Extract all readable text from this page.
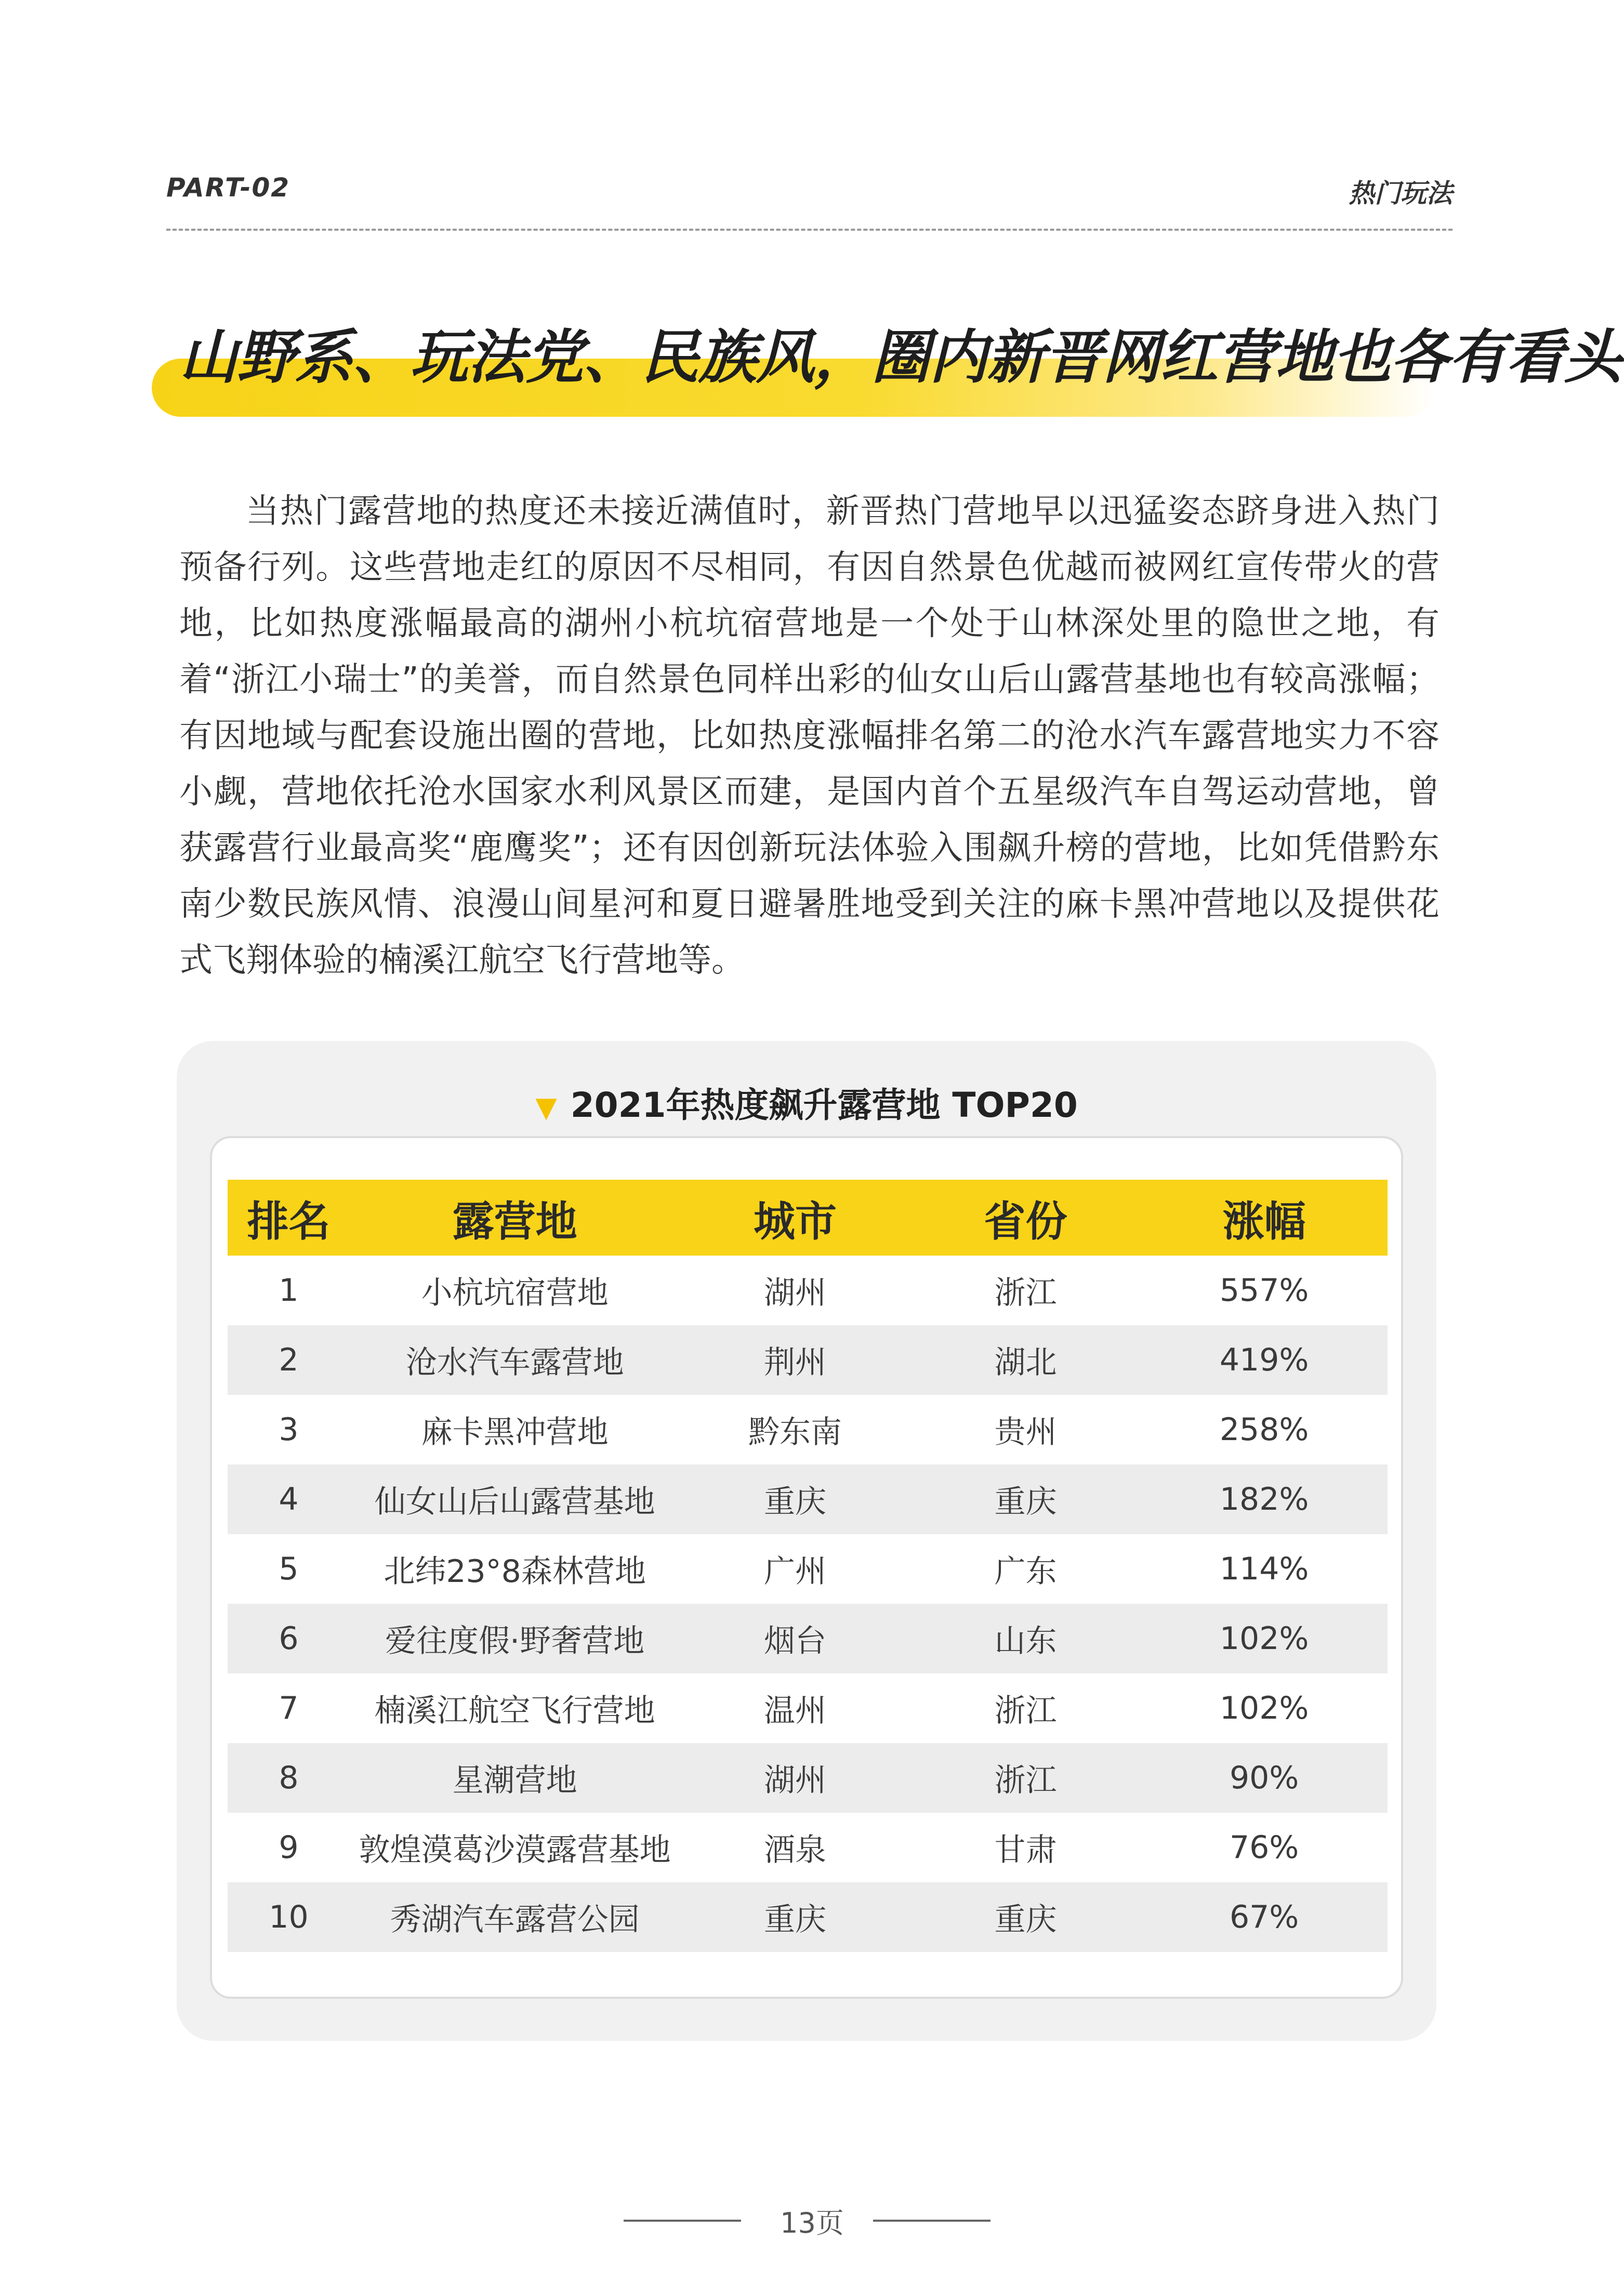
PART-02	热门玩法
山野系、玩法党、民族风，圈内新晋网红营地也各有看头
当热门露营地的热度还未接近满值时，新晋热门营地早以迅猛姿态跻身进入热门预备行列。这些营地走红的原因不尽相同，有因自然景色优越而被网红宣传带火的营地，比如热度涨幅最高的湖州小杭坑宿营地是一个处于山林深处里的隐世之地，有着“浙江小瑞士”的美誉，而自然景色同样出彩的仙女山后山露营基地也有较高涨幅；有因地域与配套设施出圈的营地，比如热度涨幅排名第二的沧水汽车露营地实力不容小觑，营地依托沧水国家水利风景区而建，是国内首个五星级汽车自驾运动营地，曾获露营行业最高奖“鹿鹰奖”；还有因创新玩法体验入围飙升榜的营地，比如凭借黔东南少数民族风情、浪漫山间星河和夏日避暑胜地受到关注的麻卡黑冲营地以及提供花式飞翔体验的楠溪江航空飞行营地等。
▼ 2021年热度飙升露营地 TOP20
排名	露营地	城市	省份	涨幅
1	小杭坑宿营地	湖州	浙江	557%
2	沧水汽车露营地	荆州	湖北	419%
3	麻卡黑冲营地	黔东南	贵州	258%
4	仙女山后山露营基地	重庆	重庆	182%
5	北纬23°8森林营地	广州	广东	114%
6	爱往度假·野奢营地	烟台	山东	102%
7	楠溪江航空飞行营地	温州	浙江	102%
8	星潮营地	湖州	浙江	90%
9	敦煌漠葛沙漠露营基地	酒泉	甘肃	76%
10	秀湖汽车露营公园	重庆	重庆	67%
13页
